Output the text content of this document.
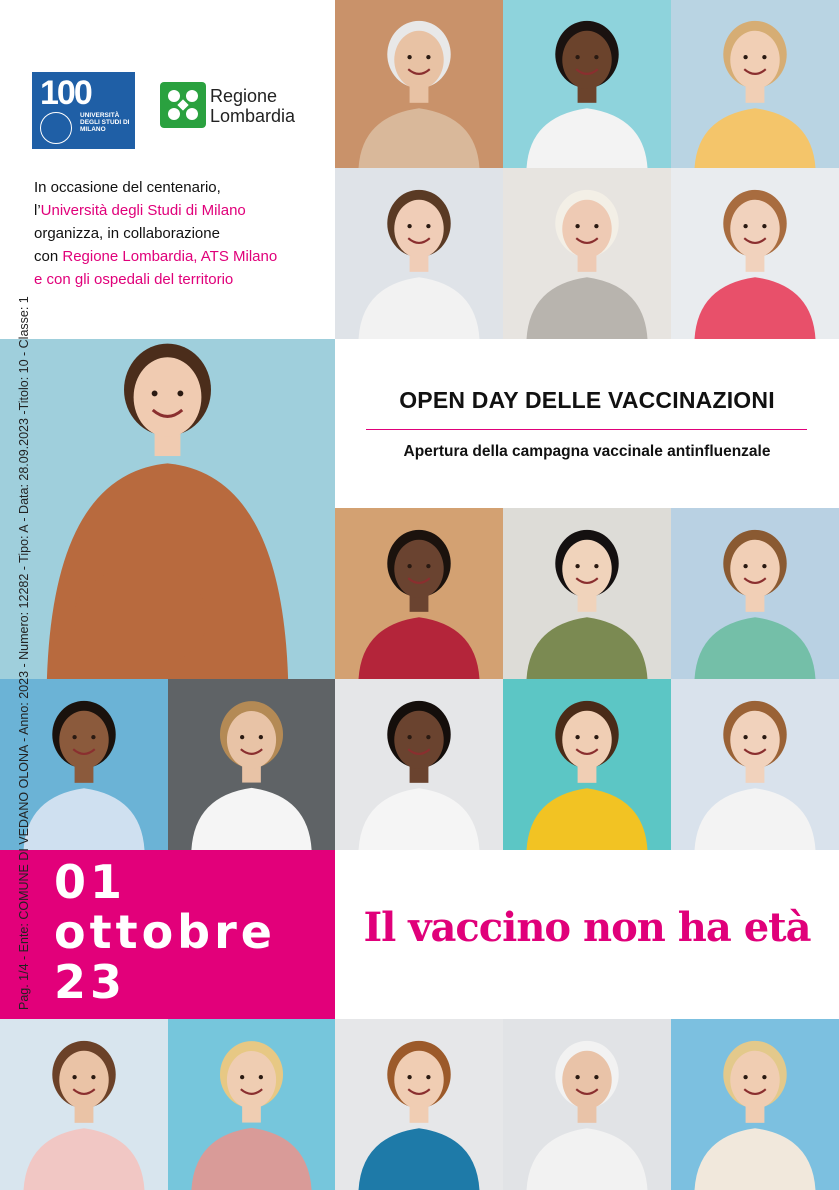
100
UNIVERSITÀ DEGLI STUDI DI MILANO
Regione
Lombardia
In occasione del centenario,
l’Università degli Studi di Milano
organizza, in collaborazione
con Regione Lombardia, ATS Milano
e con gli ospedali del territorio
OPEN DAY DELLE VACCINAZIONI
Apertura della campagna vaccinale antinfluenzale
01
ottobre
23
Il vaccino non ha età
Pag. 1/4 - Ente: COMUNE DI VEDANO OLONA - Anno: 2023 - Numero: 12282 - Tipo: A - Data: 28.09.2023 -Titolo: 10 - Classe: 1
